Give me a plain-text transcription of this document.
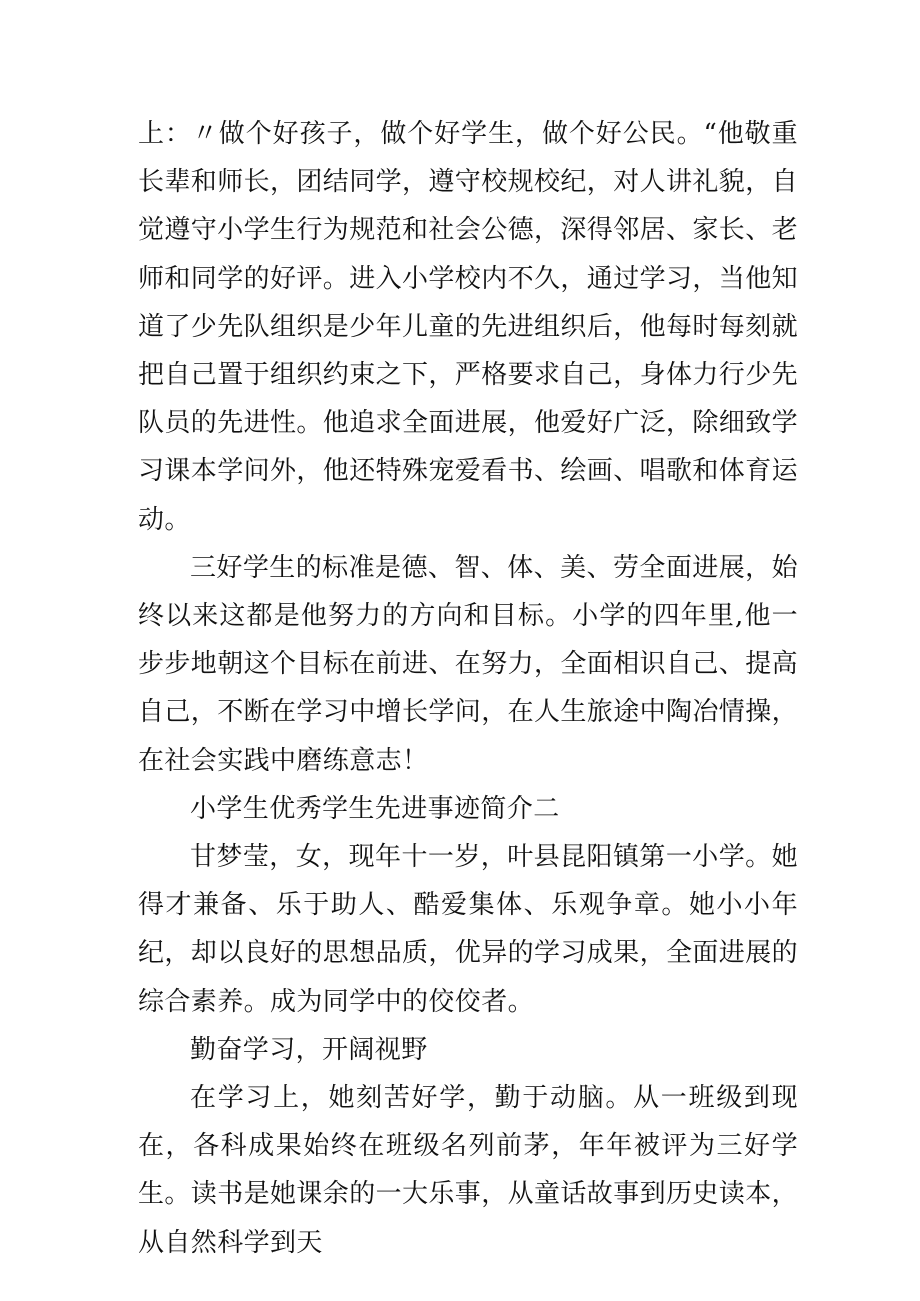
上：〃做个好孩子，做个好学生，做个好公民。“他敬重长辈和师长，团结同学，遵守校规校纪，对人讲礼貌，自觉遵守小学生行为规范和社会公德，深得邻居、家长、老师和同学的好评。进入小学校内不久，通过学习，当他知道了少先队组织是少年儿童的先进组织后，他每时每刻就把自己置于组织约束之下，严格要求自己，身体力行少先队员的先进性。他追求全面进展，他爱好广泛，除细致学习课本学问外，他还特殊宠爱看书、绘画、唱歌和体育运动。

三好学生的标准是德、智、体、美、劳全面进展，始终以来这都是他努力的方向和目标。小学的四年里,他一步步地朝这个目标在前进、在努力，全面相识自己、提高自己，不断在学习中增长学问，在人生旅途中陶冶情操，在社会实践中磨练意志！

小学生优秀学生先进事迹简介二

甘梦莹，女，现年十一岁，叶县昆阳镇第一小学。她得才兼备、乐于助人、酷爱集体、乐观争章。她小小年纪，却以良好的思想品质，优异的学习成果，全面进展的综合素养。成为同学中的佼佼者。

勤奋学习，开阔视野

在学习上，她刻苦好学，勤于动脑。从一班级到现在，各科成果始终在班级名列前茅，年年被评为三好学生。读书是她课余的一大乐事，从童话故事到历史读本，从自然科学到天
